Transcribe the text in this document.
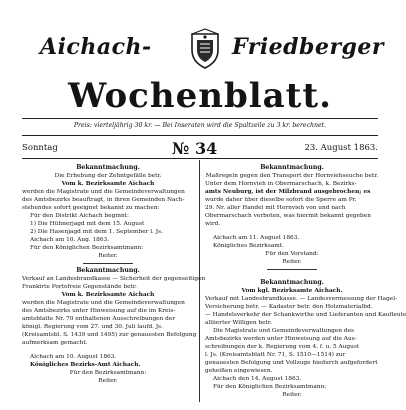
Aichach-	Friedberger
Wochenblatt.
Preis: vierteljährig 30 kr. — Bei Inseraten wird die Spaltzeile zu 3 kr. berechnet.
Sonntag	№ 34	23. August 1863.
Bekanntmachung.
Die Erhebung der Zehntgefälle betr.
Vom k. Bezirksamte Aichach
werden die Magistrate und die Gemeindeverwaltungen
des Amtsbezirks beauftragt, in ihren Gemeinden Nach-
stehendes sofort geeignet bekannt zu machen:
Für den Distrikt Aichach beginnt:
1) Die Hühnerjagd mit dem 15. August
2) Die Hasenjagd mit dem 1. September l. Js.
Aichach am 10. Aug. 1863.
Für den Königlichen Bezirksamtmann:
Reiter.
Bekanntmachung.
Verkauf an Landesbrandkasse — Sicherheit der gegenseitigen
Frankirte Portofreie Gegenstände betr.
Vom k. Bezirksamte Aichach
werden die Magistrate und die Gemeindeverwaltungen
des Amtsbezirks unter Hinweisung auf die im Kreis-
amtsblatte Nr. 70 enthaltenen Ausschreibungen der
königl. Regierung vom 27. und 30. Juli laufd. Js.
(Kreisamtsbl. S. 1439 und 1495) zur genauesten Befolgung
aufmerksam gemacht.
Aichach am 10. August 1863.
Königliches Bezirks-Amt Aichach.
Für den Bezirksamtmann:
Reiter.
Bekanntmachung.
Maßregeln gegen den Transport der Hornviehseuche betr.
Unter dem Hornvieh in Obermarschach, k. Bezirks-
amts Neuburg, ist der Milzbrand ausgebrochen; es
wurde daher über dieselbe sofort die Sperre am Pr.
29. Nr. aller Handel mit Hornvieh von und nach
Obermarschach verboten, was hiermit bekannt gegeben
wird.
Aichach am 11. August 1863.
Königliches Bezirksamt.
Für den Vorstand:
Reiter.
Bekanntmachung.
Vom kgl. Bezirksamte Aichach.
Verkauf mit Landesbrandkasse. — Landesvermessung der Hagel-
Versicherung betr. — Kadaster betr. den Holzmaterialbd.
— Handelsverkehr der Schankwirthe und Lieferanten und Kaufleute
alliierter Willigen betr.
Die Magistrate und Gemeindeverwaltungen des
Amtsbezirks werden unter Hinweisung auf die Aus-
schreibungen der k. Regierung vom 4. f. u. 5 August
l. Js. (Kreisamtsblatt Nr. 71, S. 1510—1514) zur
genauesten Befolgung und Vollzuge hiedurch aufgefordert
geheißen eingewiesen.
Aichach den 14. August 1863.
Für den Königlichen Bezirksamtmann:
Reiter.
